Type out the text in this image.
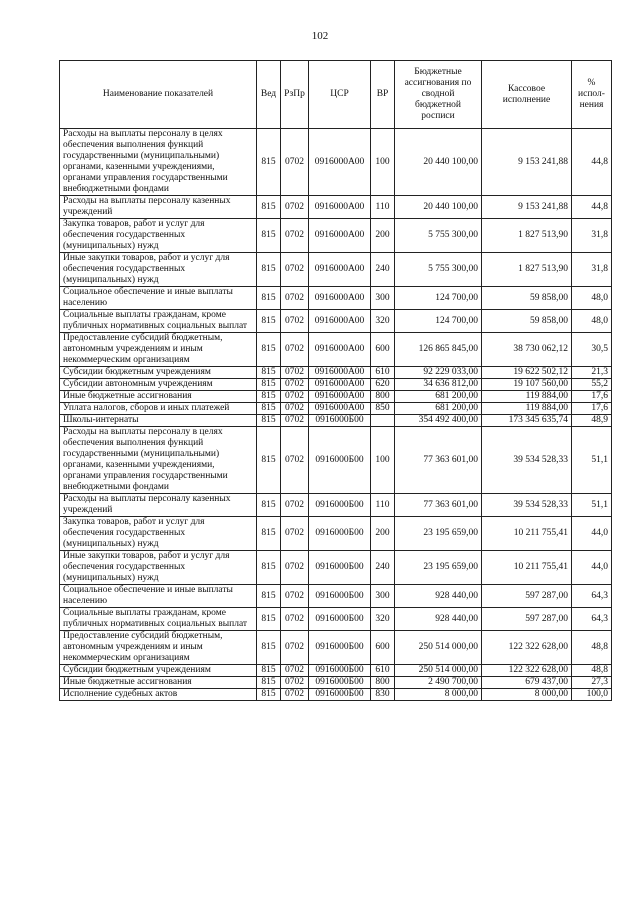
102
Наименование показателей	Вед	РзПр	ЦСР	ВР	Бюджетные ассигнования по сводной бюджетной росписи	Кассовое исполнение	% испол-нения
Расходы на выплаты персоналу в целях обеспечения выполнения функций государственными (муниципальными) органами, казенными учреждениями, органами управления государственными внебюджетными фондами	815	0702	0916000А00	100	20 440 100,00	9 153 241,88	44,8
Расходы на выплаты персоналу казенных учреждений	815	0702	0916000А00	110	20 440 100,00	9 153 241,88	44,8
Закупка товаров, работ и услуг для обеспечения государственных (муниципальных) нужд	815	0702	0916000А00	200	5 755 300,00	1 827 513,90	31,8
Иные закупки товаров, работ и услуг для обеспечения государственных (муниципальных) нужд	815	0702	0916000А00	240	5 755 300,00	1 827 513,90	31,8
Социальное обеспечение и иные выплаты населению	815	0702	0916000А00	300	124 700,00	59 858,00	48,0
Социальные выплаты гражданам, кроме публичных нормативных социальных выплат	815	0702	0916000А00	320	124 700,00	59 858,00	48,0
Предоставление субсидий бюджетным, автономным учреждениям и иным некоммерческим организациям	815	0702	0916000А00	600	126 865 845,00	38 730 062,12	30,5
Субсидии бюджетным учреждениям	815	0702	0916000А00	610	92 229 033,00	19 622 502,12	21,3
Субсидии автономным учреждениям	815	0702	0916000А00	620	34 636 812,00	19 107 560,00	55,2
Иные бюджетные ассигнования	815	0702	0916000А00	800	681 200,00	119 884,00	17,6
Уплата налогов, сборов и иных платежей	815	0702	0916000А00	850	681 200,00	119 884,00	17,6
Школы-интернаты	815	0702	0916000Б00		354 492 400,00	173 345 635,74	48,9
Расходы на выплаты персоналу в целях обеспечения выполнения функций государственными (муниципальными) органами, казенными учреждениями, органами управления государственными внебюджетными фондами	815	0702	0916000Б00	100	77 363 601,00	39 534 528,33	51,1
Расходы на выплаты персоналу казенных учреждений	815	0702	0916000Б00	110	77 363 601,00	39 534 528,33	51,1
Закупка товаров, работ и услуг для обеспечения государственных (муниципальных) нужд	815	0702	0916000Б00	200	23 195 659,00	10 211 755,41	44,0
Иные закупки товаров, работ и услуг для обеспечения государственных (муниципальных) нужд	815	0702	0916000Б00	240	23 195 659,00	10 211 755,41	44,0
Социальное обеспечение и иные выплаты населению	815	0702	0916000Б00	300	928 440,00	597 287,00	64,3
Социальные выплаты гражданам, кроме публичных нормативных социальных выплат	815	0702	0916000Б00	320	928 440,00	597 287,00	64,3
Предоставление субсидий бюджетным, автономным учреждениям и иным некоммерческим организациям	815	0702	0916000Б00	600	250 514 000,00	122 322 628,00	48,8
Субсидии бюджетным учреждениям	815	0702	0916000Б00	610	250 514 000,00	122 322 628,00	48,8
Иные бюджетные ассигнования	815	0702	0916000Б00	800	2 490 700,00	679 437,00	27,3
Исполнение судебных актов	815	0702	0916000Б00	830	8 000,00	8 000,00	100,0
